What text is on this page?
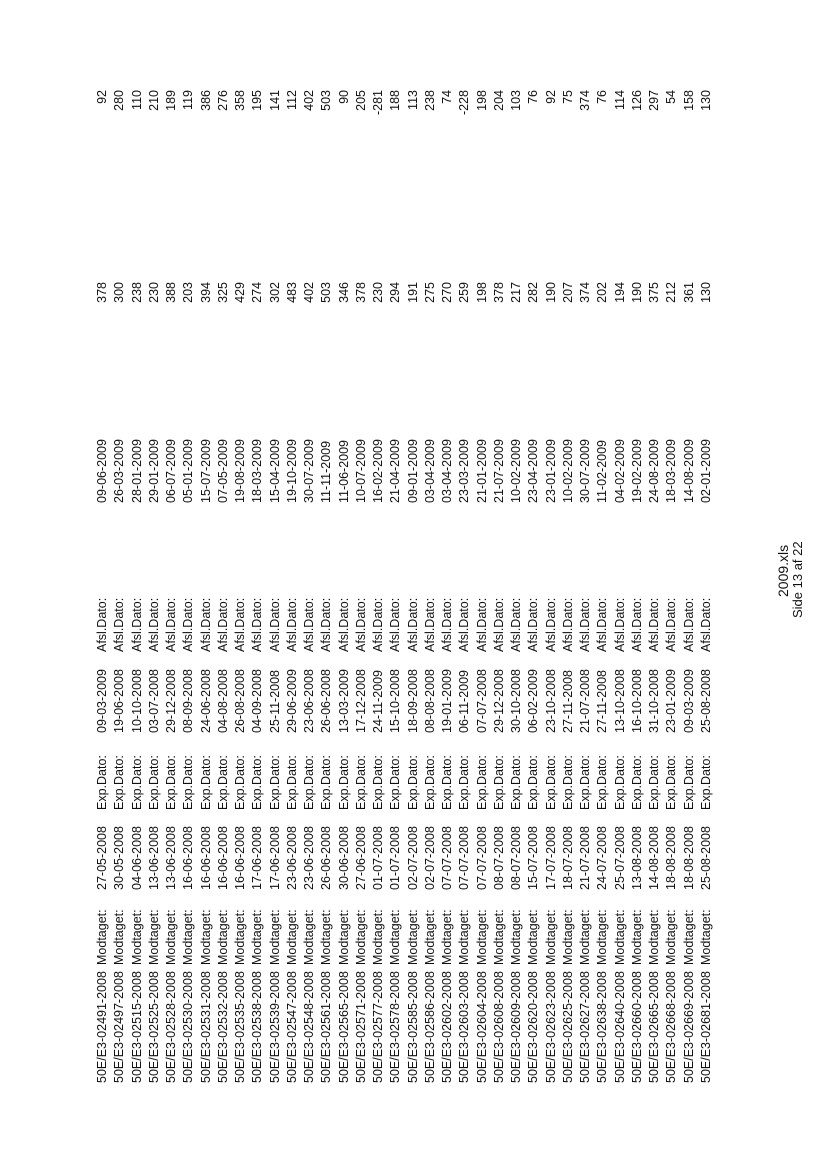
2009.xls
50E/E3-02491-2008
Modtaget:
27-05-2008
Exp.Dato:
09-03-2009
Afsl.Dato:
09-06-2009
378
92
50E/E3-02497-2008
Modtaget:
30-05-2008
Exp.Dato:
19-06-2008
Afsl.Dato:
26-03-2009
300
280
50E/E3-02515-2008
Modtaget:
04-06-2008
Exp.Dato:
10-10-2008
Afsl.Dato:
28-01-2009
238
110
50E/E3-02525-2008
Modtaget:
13-06-2008
Exp.Dato:
03-07-2008
Afsl.Dato:
29-01-2009
230
210
50E/E3-02528-2008
Modtaget:
13-06-2008
Exp.Dato:
29-12-2008
Afsl.Dato:
06-07-2009
388
189
50E/E3-02530-2008
Modtaget:
16-06-2008
Exp.Dato:
08-09-2008
Afsl.Dato:
05-01-2009
203
119
50E/E3-02531-2008
Modtaget:
16-06-2008
Exp.Dato:
24-06-2008
Afsl.Dato:
15-07-2009
394
386
50E/E3-02532-2008
Modtaget:
16-06-2008
Exp.Dato:
04-08-2008
Afsl.Dato:
07-05-2009
325
276
50E/E3-02535-2008
Modtaget:
16-06-2008
Exp.Dato:
26-08-2008
Afsl.Dato:
19-08-2009
429
358
50E/E3-02538-2008
Modtaget:
17-06-2008
Exp.Dato:
04-09-2008
Afsl.Dato:
18-03-2009
274
195
50E/E3-02539-2008
Modtaget:
17-06-2008
Exp.Dato:
25-11-2008
Afsl.Dato:
15-04-2009
302
141
50E/E3-02547-2008
Modtaget:
23-06-2008
Exp.Dato:
29-06-2009
Afsl.Dato:
19-10-2009
483
112
50E/E3-02548-2008
Modtaget:
23-06-2008
Exp.Dato:
23-06-2008
Afsl.Dato:
30-07-2009
402
402
50E/E3-02561-2008
Modtaget:
26-06-2008
Exp.Dato:
26-06-2008
Afsl.Dato:
11-11-2009
503
503
50E/E3-02565-2008
Modtaget:
30-06-2008
Exp.Dato:
13-03-2009
Afsl.Dato:
11-06-2009
346
90
50E/E3-02571-2008
Modtaget:
27-06-2008
Exp.Dato:
17-12-2008
Afsl.Dato:
10-07-2009
378
205
50E/E3-02577-2008
Modtaget:
01-07-2008
Exp.Dato:
24-11-2009
Afsl.Dato:
16-02-2009
230
-281
50E/E3-02578-2008
Modtaget:
01-07-2008
Exp.Dato:
15-10-2008
Afsl.Dato:
21-04-2009
294
188
50E/E3-02585-2008
Modtaget:
02-07-2008
Exp.Dato:
18-09-2008
Afsl.Dato:
09-01-2009
191
113
50E/E3-02586-2008
Modtaget:
02-07-2008
Exp.Dato:
08-08-2008
Afsl.Dato:
03-04-2009
275
238
50E/E3-02602-2008
Modtaget:
07-07-2008
Exp.Dato:
19-01-2009
Afsl.Dato:
03-04-2009
270
74
50E/E3-02603-2008
Modtaget:
07-07-2008
Exp.Dato:
06-11-2009
Afsl.Dato:
23-03-2009
259
-228
50E/E3-02604-2008
Modtaget:
07-07-2008
Exp.Dato:
07-07-2008
Afsl.Dato:
21-01-2009
198
198
50E/E3-02608-2008
Modtaget:
08-07-2008
Exp.Dato:
29-12-2008
Afsl.Dato:
21-07-2009
378
204
50E/E3-02609-2008
Modtaget:
08-07-2008
Exp.Dato:
30-10-2008
Afsl.Dato:
10-02-2009
217
103
50E/E3-02620-2008
Modtaget:
15-07-2008
Exp.Dato:
06-02-2009
Afsl.Dato:
23-04-2009
282
76
50E/E3-02623-2008
Modtaget:
17-07-2008
Exp.Dato:
23-10-2008
Afsl.Dato:
23-01-2009
190
92
50E/E3-02625-2008
Modtaget:
18-07-2008
Exp.Dato:
27-11-2008
Afsl.Dato:
10-02-2009
207
75
50E/E3-02627-2008
Modtaget:
21-07-2008
Exp.Dato:
21-07-2008
Afsl.Dato:
30-07-2009
374
374
50E/E3-02638-2008
Modtaget:
24-07-2008
Exp.Dato:
27-11-2008
Afsl.Dato:
11-02-2009
202
76
50E/E3-02640-2008
Modtaget:
25-07-2008
Exp.Dato:
13-10-2008
Afsl.Dato:
04-02-2009
194
114
50E/E3-02660-2008
Modtaget:
13-08-2008
Exp.Dato:
16-10-2008
Afsl.Dato:
19-02-2009
190
126
50E/E3-02665-2008
Modtaget:
14-08-2008
Exp.Dato:
31-10-2008
Afsl.Dato:
24-08-2009
375
297
50E/E3-02668-2008
Modtaget:
18-08-2008
Exp.Dato:
23-01-2009
Afsl.Dato:
18-03-2009
212
54
50E/E3-02669-2008
Modtaget:
18-08-2008
Exp.Dato:
09-03-2009
Afsl.Dato:
14-08-2009
361
158
50E/E3-02681-2008
Modtaget:
25-08-2008
Exp.Dato:
25-08-2008
Afsl.Dato:
02-01-2009
130
130
Side 13 af 22
